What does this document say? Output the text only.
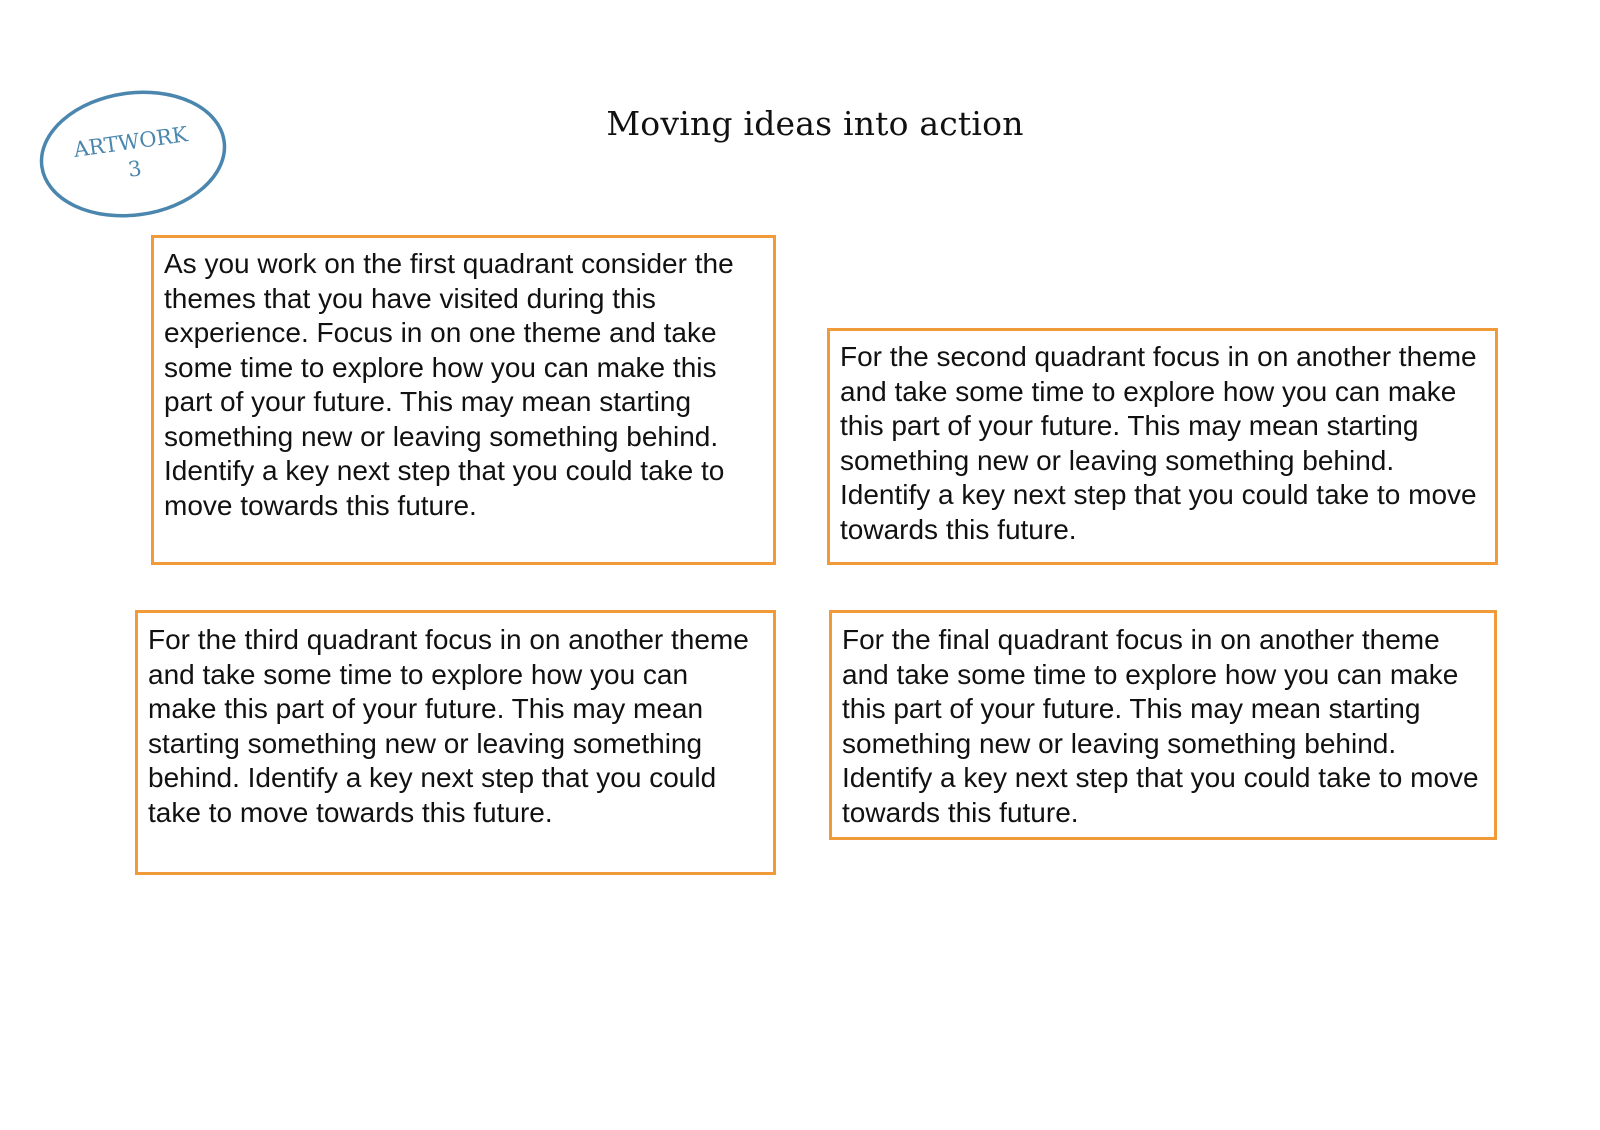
ARTWORK
3
Moving ideas into action

As you work on the first quadrant consider the themes that you have visited during this experience. Focus in on one theme and take some time to explore how you can make this part of your future. This may mean starting something new or leaving something behind. Identify a key next step that you could take to move towards this future.

For the second quadrant focus in on another theme and take some time to explore how you can make this part of your future. This may mean starting something new or leaving something behind. Identify a key next step that you could take to move towards this future.

For the third quadrant focus in on another theme and take some time to explore how you can make this part of your future. This may mean starting something new or leaving something behind. Identify a key next step that you could take to move towards this future.

For the final quadrant focus in on another theme and take some time to explore how you can make this part of your future. This may mean starting something new or leaving something behind. Identify a key next step that you could take to move towards this future.
